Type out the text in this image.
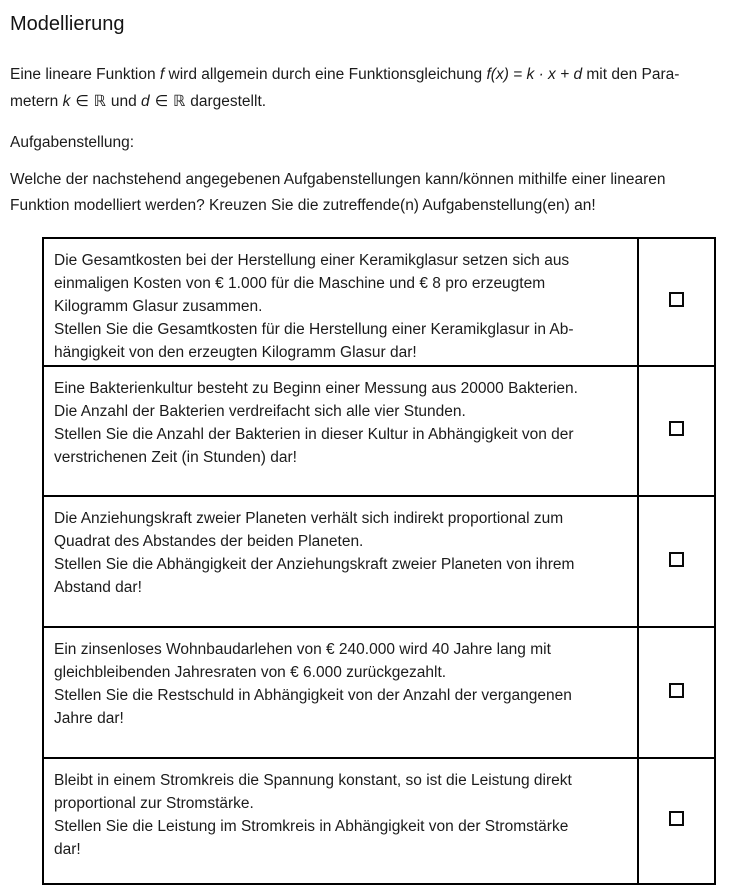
Modellierung
Eine lineare Funktion f wird allgemein durch eine Funktionsgleichung f(x) = k · x + d mit den Para-
metern k ∈ ℝ und d ∈ ℝ dargestellt.
Aufgabenstellung:
Welche der nachstehend angegebenen Aufgabenstellungen kann/können mithilfe einer linearen
Funktion modelliert werden? Kreuzen Sie die zutreffende(n) Aufgabenstellung(en) an!
Die Gesamtkosten bei der Herstellung einer Keramikglasur setzen sich aus
einmaligen Kosten von € 1.000 für die Maschine und € 8 pro erzeugtem
Kilogramm Glasur zusammen.
Stellen Sie die Gesamtkosten für die Herstellung einer Keramikglasur in Ab-
hängigkeit von den erzeugten Kilogramm Glasur dar!	

Eine Bakterienkultur besteht zu Beginn einer Messung aus 20000 Bakterien.
Die Anzahl der Bakterien verdreifacht sich alle vier Stunden.
Stellen Sie die Anzahl der Bakterien in dieser Kultur in Abhängigkeit von der
verstrichenen Zeit (in Stunden) dar!	

Die Anziehungskraft zweier Planeten verhält sich indirekt proportional zum
Quadrat des Abstandes der beiden Planeten.
Stellen Sie die Abhängigkeit der Anziehungskraft zweier Planeten von ihrem
Abstand dar!	

Ein zinsenloses Wohnbaudarlehen von € 240.000 wird 40 Jahre lang mit
gleichbleibenden Jahresraten von € 6.000 zurückgezahlt.
Stellen Sie die Restschuld in Abhängigkeit von der Anzahl der vergangenen
Jahre dar!	

Bleibt in einem Stromkreis die Spannung konstant, so ist die Leistung direkt
proportional zur Stromstärke.
Stellen Sie die Leistung im Stromkreis in Abhängigkeit von der Stromstärke
dar!	
